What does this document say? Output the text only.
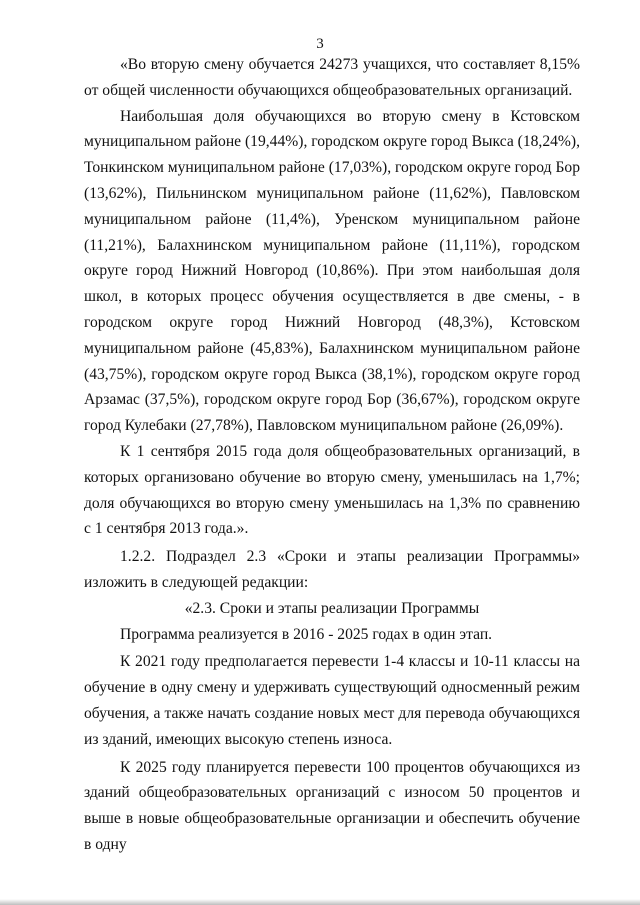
3

«Во вторую смену обучается 24273 учащихся, что составляет 8,15% от общей численности обучающихся общеобразовательных организаций.

Наибольшая доля обучающихся во вторую смену в Кстовском муниципальном районе (19,44%), городском округе город Выкса (18,24%), Тонкинском муниципальном районе (17,03%), городском округе город Бор (13,62%), Пильнинском муниципальном районе (11,62%), Павловском муниципальном районе (11,4%), Уренском муниципальном районе (11,21%), Балахнинском муниципальном районе (11,11%), городском округе город Нижний Новгород (10,86%). При этом наибольшая доля школ, в которых процесс обучения осуществляется в две смены, - в городском округе город Нижний Новгород (48,3%), Кстовском муниципальном районе (45,83%), Балахнинском муниципальном районе (43,75%), городском округе город Выкса (38,1%), городском округе город Арзамас (37,5%), городском округе город Бор (36,67%), городском округе город Кулебаки (27,78%), Павловском муниципальном районе (26,09%).

К 1 сентября 2015 года доля общеобразовательных организаций, в которых организовано обучение во вторую смену, уменьшилась на 1,7%; доля обучающихся во вторую смену уменьшилась на 1,3% по сравнению с 1 сентября 2013 года.».

1.2.2. Подраздел 2.3 «Сроки и этапы реализации Программы» изложить в следующей редакции:

«2.3. Сроки и этапы реализации Программы

Программа реализуется в 2016 - 2025 годах в один этап.

К 2021 году предполагается перевести 1-4 классы и 10-11 классы на обучение в одну смену и удерживать существующий односменный режим обучения, а также начать создание новых мест для перевода обучающихся из зданий, имеющих высокую степень износа.

К 2025 году планируется перевести 100 процентов обучающихся из зданий общеобразовательных организаций с износом 50 процентов и выше в новые общеобразовательные организации и обеспечить обучение в одну
